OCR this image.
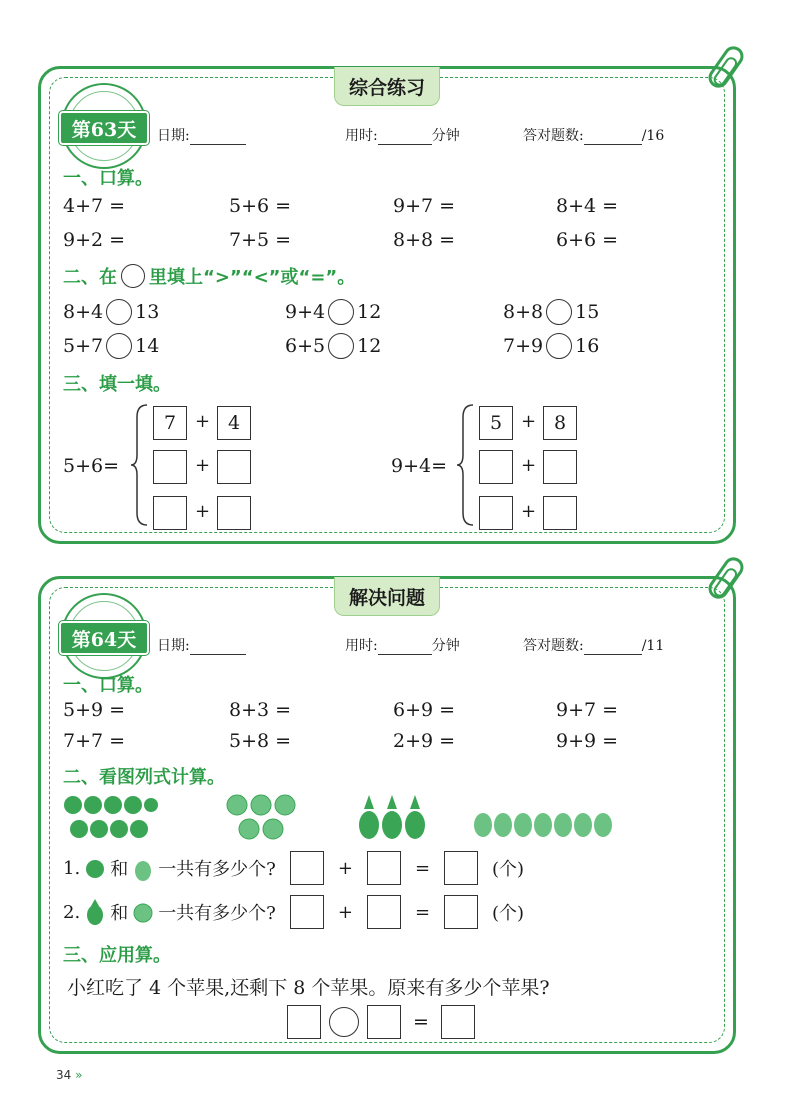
综合练习
第63天	日期:	用时:	分钟	答对题数:	/16
一、口算。
4+7 =	5+6 =	9+7 =	8+4 =
9+2 =	7+5 =	8+8 =	6+6 =
二、在 里填上“>”“<”或“=”。
8+4 13	9+4 12	8+8 15
5+7 14	6+5 12	7+9 16
三、填一填。
5+6=
7	+ 4
+
+
9+4=
5	+ 8
+
+
解决问题
第64天	日期:	用时:	分钟	答对题数:	/11
一、口算。
5+9 =	8+3 =	6+9 =	9+7 =
7+7 =	5+8 =	2+9 =	9+9 =
二、看图列式计算。
1. 和 一共有多少个?	+	=	(个)
2. 和 一共有多少个?	+	=	(个)
三、应用算。
小红吃了 4 个苹果,还剩下 8 个苹果。原来有多少个苹果?
=
34 »
